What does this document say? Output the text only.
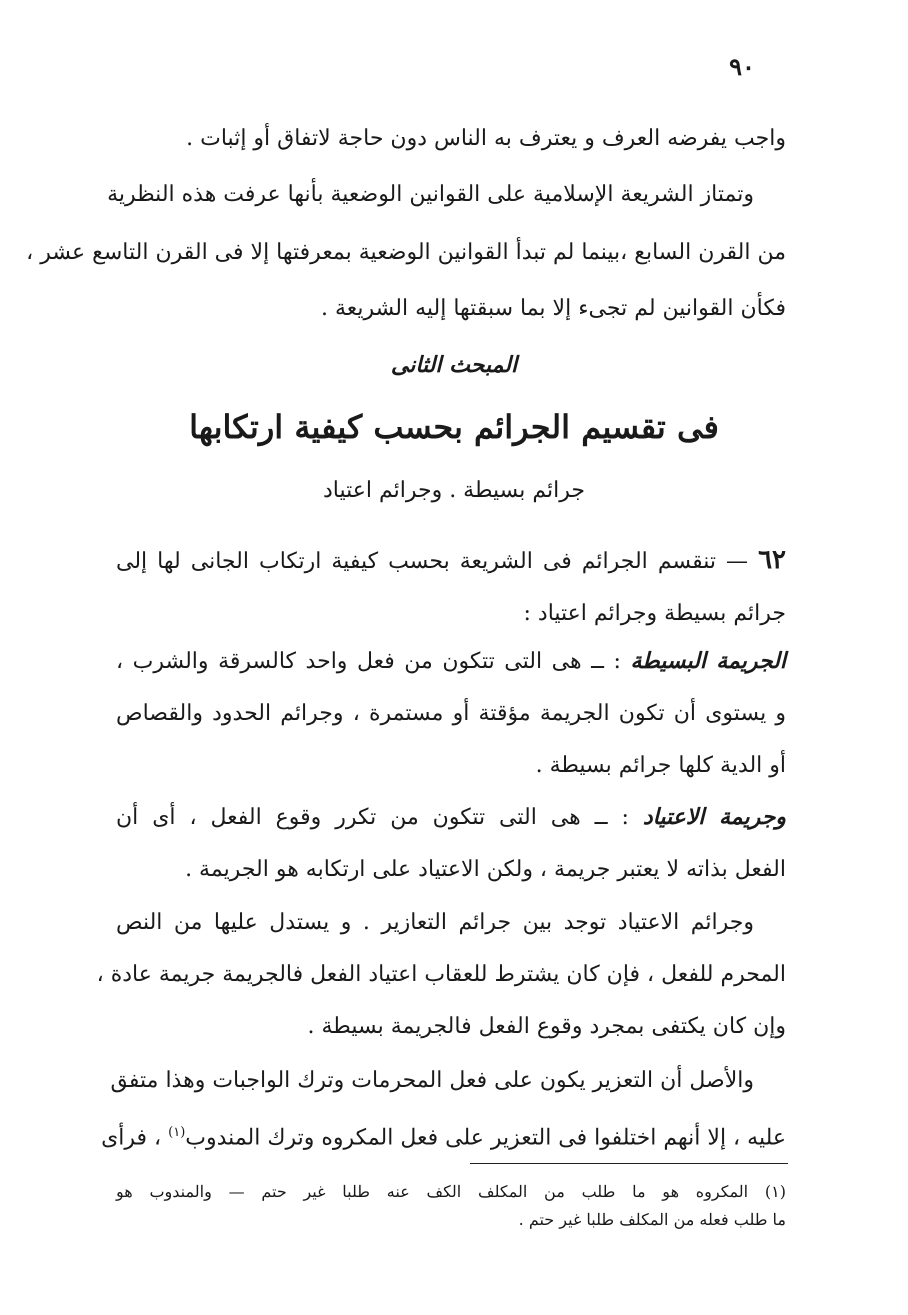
٩٠
واجب يفرضه العرف و يعترف به الناس دون حاجة لاتفاق أو إثبات .
وتمتاز الشريعة الإسلامية على القوانين الوضعية بأنها عرفت هذه النظرية
من القرن السابع ،بينما لم تبدأ القوانين الوضعية بمعرفتها إلا فى القرن التاسع عشر ،
فكأن القوانين لم تجىء إلا بما سبقتها إليه الشريعة .
المبحث الثانى
فى تقسيم الجرائم بحسب كيفية ارتكابها
جرائم بسيطة . وجرائم اعتياد
٦٢ — تنقسم الجرائم فى الشريعة بحسب كيفية ارتكاب الجانى لها إلى
جرائم بسيطة وجرائم اعتياد :
الجريمة البسيطة : ــ هى التى تتكون من فعل واحد كالسرقة والشرب ،
و يستوى أن تكون الجريمة مؤقتة أو مستمرة ، وجرائم الحدود والقصاص
أو الدية كلها جرائم بسيطة .
وجريمة الاعتياد : ــ هى التى تتكون من تكرر وقوع الفعل ، أى أن
الفعل بذاته لا يعتبر جريمة ، ولكن الاعتياد على ارتكابه هو الجريمة .
وجرائم الاعتياد توجد بين جرائم التعازير . و يستدل عليها من النص
المحرم للفعل ، فإن كان يشترط للعقاب اعتياد الفعل فالجريمة جريمة عادة ،
وإن كان يكتفى بمجرد وقوع الفعل فالجريمة بسيطة .
والأصل أن التعزير يكون على فعل المحرمات وترك الواجبات وهذا متفق
عليه ، إلا أنهم اختلفوا فى التعزير على فعل المكروه وترك المندوب$^{(١)}$ ، فرأى
(١) المكروه هو ما طلب من المكلف الكف عنه طلبا غير حتم — والمندوب هو
ما طلب فعله من المكلف طلبا غير حتم .
